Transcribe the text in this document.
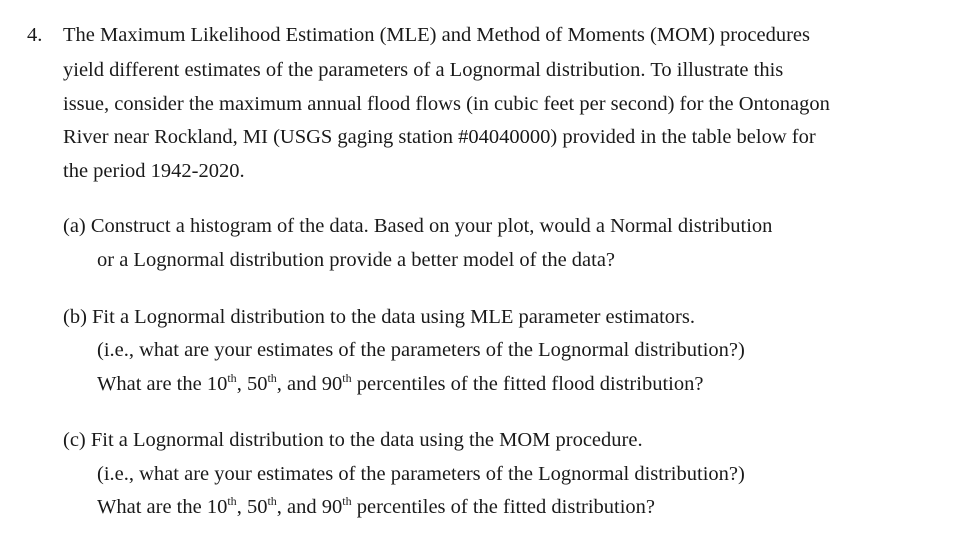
4. The Maximum Likelihood Estimation (MLE) and Method of Moments (MOM) procedures
yield different estimates of the parameters of a Lognormal distribution. To illustrate this
issue, consider the maximum annual flood flows (in cubic feet per second) for the Ontonagon
River near Rockland, MI (USGS gaging station #04040000) provided in the table below for
the period 1942-2020.
(a) Construct a histogram of the data. Based on your plot, would a Normal distribution
or a Lognormal distribution provide a better model of the data?
(b) Fit a Lognormal distribution to the data using MLE parameter estimators.
(i.e., what are your estimates of the parameters of the Lognormal distribution?)
What are the 10th, 50th, and 90th percentiles of the fitted flood distribution?
(c) Fit a Lognormal distribution to the data using the MOM procedure.
(i.e., what are your estimates of the parameters of the Lognormal distribution?)
What are the 10th, 50th, and 90th percentiles of the fitted distribution?
